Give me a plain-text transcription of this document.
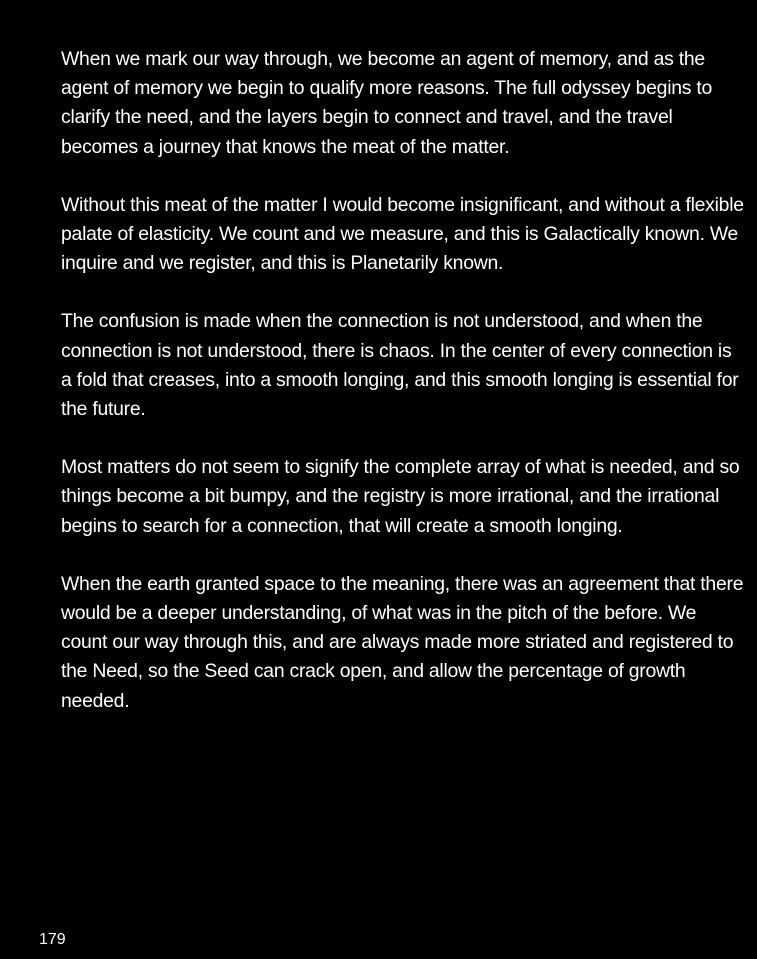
When we mark our way through, we become an agent of memory, and as the agent of memory we begin to qualify more reasons. The full odyssey begins to clarify the need, and the layers begin to connect and travel, and the travel becomes a journey that knows the meat of the matter.

Without this meat of the matter I would become insignificant, and without a flexible palate of elasticity. We count and we measure, and this is Galactically known. We inquire and we register, and this is Planetarily known.

The confusion is made when the connection is not understood, and when the connection is not understood, there is chaos. In the center of every connection is a fold that creases, into a smooth longing, and this smooth longing is essential for the future.

Most matters do not seem to signify the complete array of what is needed, and so things become a bit bumpy, and the registry is more irrational, and the irrational begins to search for a connection, that will create a smooth longing.

When the earth granted space to the meaning, there was an agreement that there would be a deeper understanding, of what was in the pitch of the before. We count our way through this, and are always made more striated and registered to the Need, so the Seed can crack open, and allow the percentage of growth needed.

179
